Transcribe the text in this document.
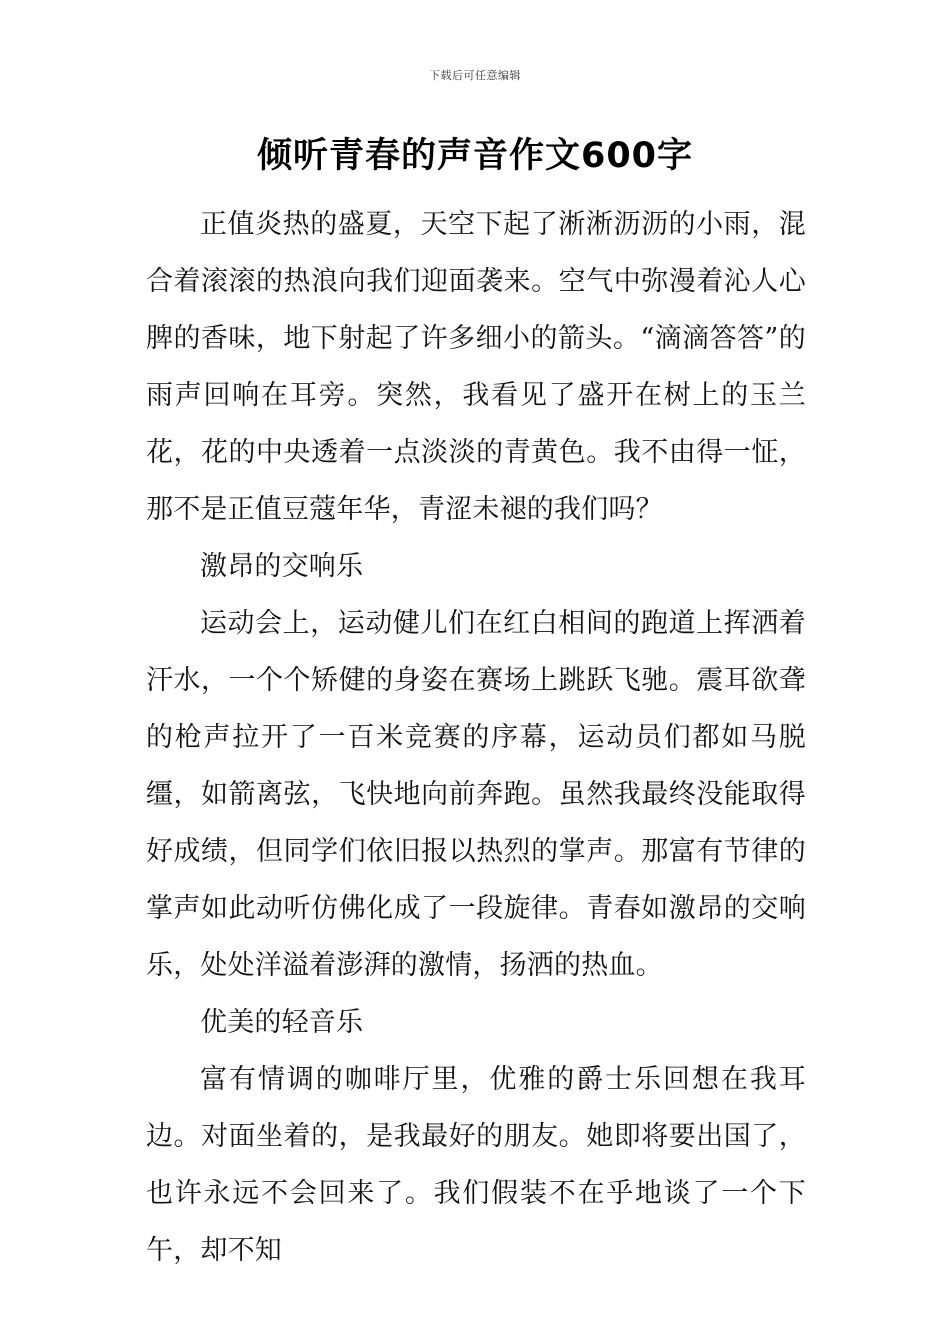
下载后可任意编辑
倾听青春的声音作文600字

正值炎热的盛夏，天空下起了淅淅沥沥的小雨，混合着滚滚的热浪向我们迎面袭来。空气中弥漫着沁人心脾的香味，地下射起了许多细小的箭头。“滴滴答答”的雨声回响在耳旁。突然，我看见了盛开在树上的玉兰花，花的中央透着一点淡淡的青黄色。我不由得一怔，那不是正值豆蔻年华，青涩未褪的我们吗？

激昂的交响乐

运动会上，运动健儿们在红白相间的跑道上挥洒着汗水，一个个矫健的身姿在赛场上跳跃飞驰。震耳欲聋的枪声拉开了一百米竞赛的序幕，运动员们都如马脱缰，如箭离弦，飞快地向前奔跑。虽然我最终没能取得好成绩，但同学们依旧报以热烈的掌声。那富有节律的掌声如此动听仿佛化成了一段旋律。青春如激昂的交响乐，处处洋溢着澎湃的激情，扬洒的热血。

优美的轻音乐

富有情调的咖啡厅里，优雅的爵士乐回想在我耳边。对面坐着的，是我最好的朋友。她即将要出国了，也许永远不会回来了。我们假装不在乎地谈了一个下午，却不知
